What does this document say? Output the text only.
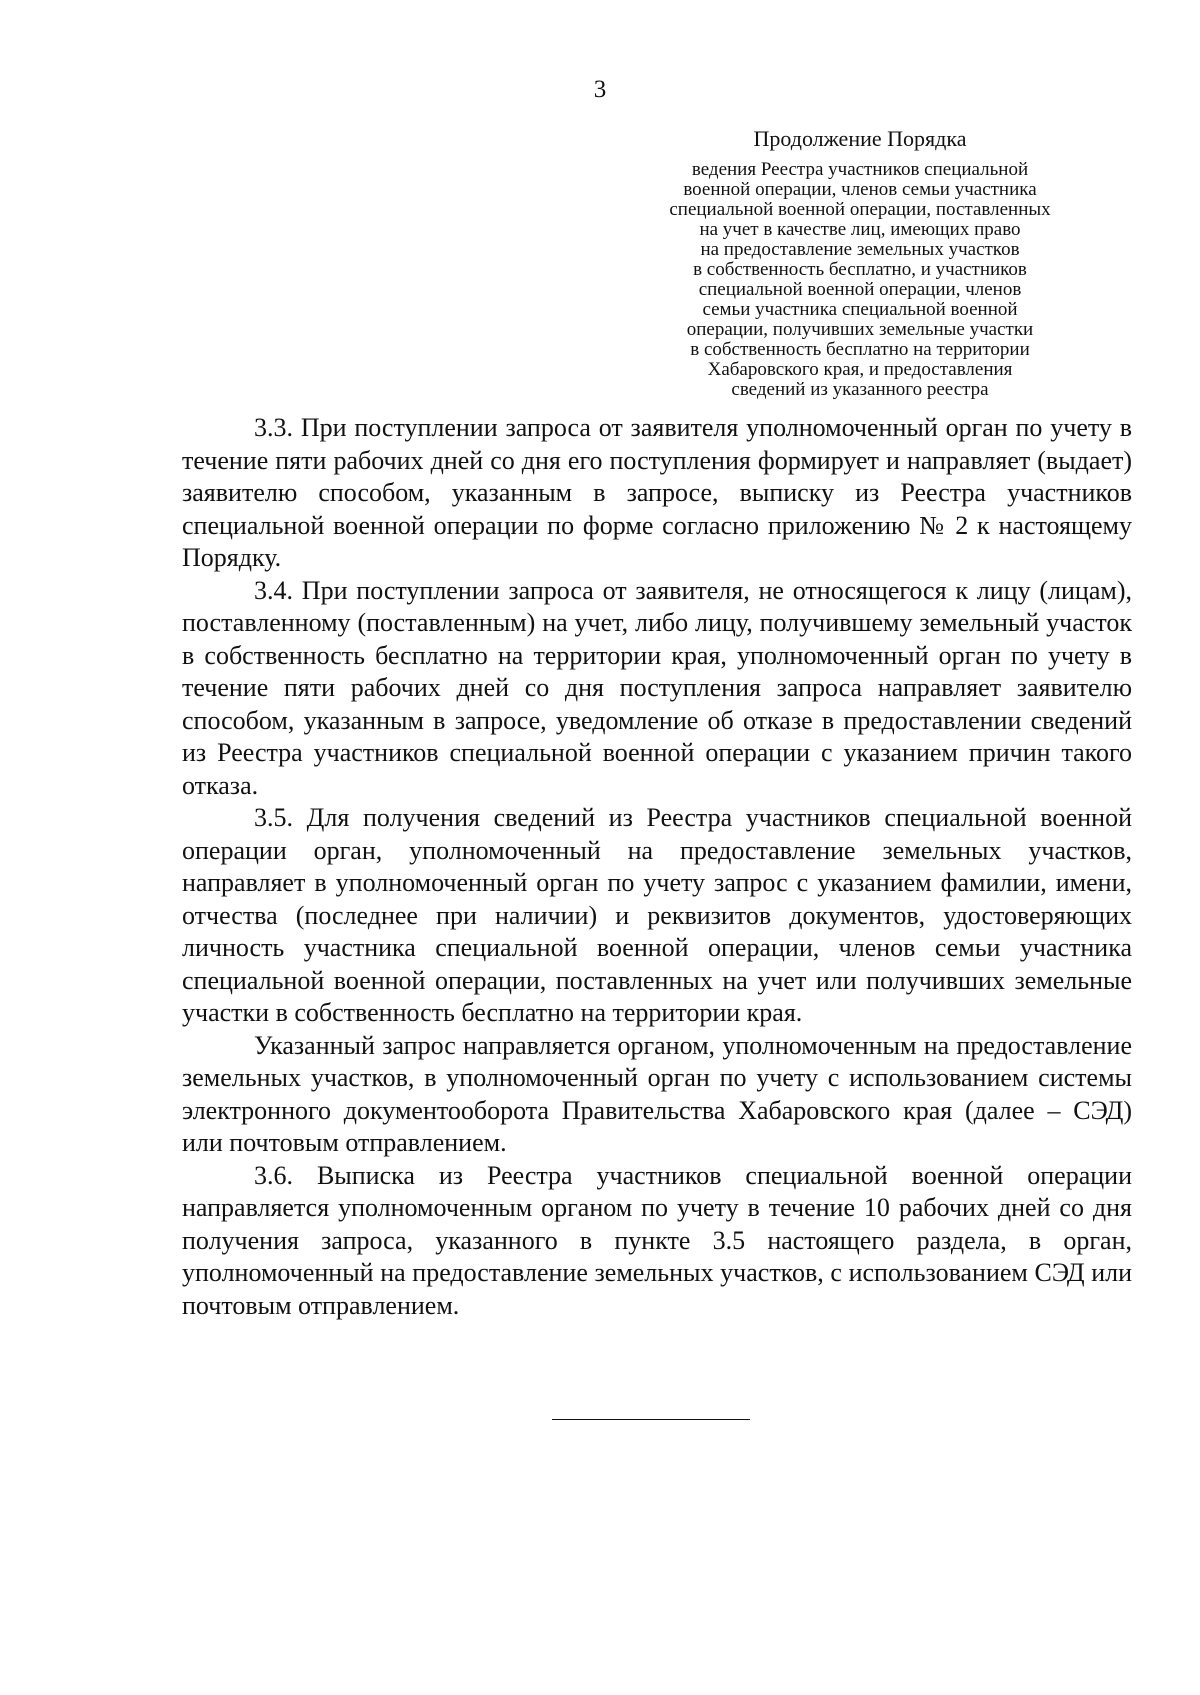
3
Продолжение Порядка
ведения Реестра участников специальной
военной операции, членов семьи участника
специальной военной операции, поставленных
на учет в качестве лиц, имеющих право
на предоставление земельных участков
в собственность бесплатно, и участников
специальной военной операции, членов
семьи участника специальной военной
операции, получивших земельные участки
в собственность бесплатно на территории
Хабаровского края, и предоставления
сведений из указанного реестра

3.3. При поступлении запроса от заявителя уполномоченный орган по учету в течение пяти рабочих дней со дня его поступления формирует и направляет (выдает) заявителю способом, указанным в запросе, выписку из Реестра участников специальной военной операции по форме согласно приложению № 2 к настоящему Порядку.

3.4. При поступлении запроса от заявителя, не относящегося к лицу (лицам), поставленному (поставленным) на учет, либо лицу, получившему земельный участок в собственность бесплатно на территории края, уполномоченный орган по учету в течение пяти рабочих дней со дня поступления запроса направляет заявителю способом, указанным в запросе, уведомление об отказе в предоставлении сведений из Реестра участников специальной военной операции с указанием причин такого отказа.

3.5. Для получения сведений из Реестра участников специальной военной операции орган, уполномоченный на предоставление земельных участков, направляет в уполномоченный орган по учету запрос с указанием фамилии, имени, отчества (последнее при наличии) и реквизитов документов, удостоверяющих личность участника специальной военной операции, членов семьи участника специальной военной операции, поставленных на учет или получивших земельные участки в собственность бесплатно на территории края.

Указанный запрос направляется органом, уполномоченным на предоставление земельных участков, в уполномоченный орган по учету с использованием системы электронного документооборота Правительства Хабаровского края (далее – СЭД) или почтовым отправлением.

3.6. Выписка из Реестра участников специальной военной операции направляется уполномоченным органом по учету в течение 10 рабочих дней со дня получения запроса, указанного в пункте 3.5 настоящего раздела, в орган, уполномоченный на предоставление земельных участков, с использованием СЭД или почтовым отправлением.
